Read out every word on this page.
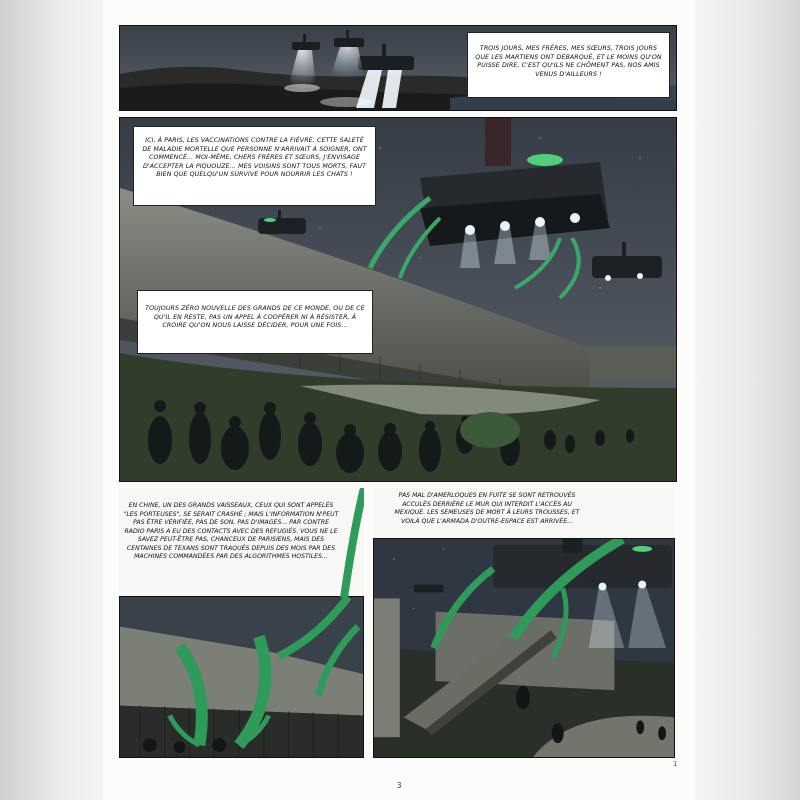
TROIS JOURS, MES FRÈRES, MES SŒURS, TROIS JOURS QUE LES MARTIENS ONT DÉBARQUÉ, ET LE MOINS QU'ON PUISSE DIRE, C'EST QU'ILS NE CHÔMENT PAS, NOS AMIS VENUS D'AILLEURS !
ICI, À PARIS, LES VACCINATIONS CONTRE LA FIÈVRE, CETTE SALETÉ DE MALADIE MORTELLE QUE PERSONNE N'ARRIVAIT À SOIGNER, ONT COMMENCÉ... MOI-MÊME, CHERS FRÈRES ET SŒURS, J'ENVISAGE D'ACCEPTER LA PIQUOUZE... MES VOISINS SONT TOUS MORTS, FAUT BIEN QUE QUELQU'UN SURVIVE POUR NOURRIR LES CHATS !
TOUJOURS ZÉRO NOUVELLE DES GRANDS DE CE MONDE, OU DE CE QU'IL EN RESTE, PAS UN APPEL À COOPÉRER NI À RÉSISTER, À CROIRE QU'ON NOUS LAISSE DÉCIDER, POUR UNE FOIS...
EN CHINE, UN DES GRANDS VAISSEAUX, CEUX QUI SONT APPELÉS "LES PORTEUSES", SE SERAIT CRASHÉ ; MAIS L'INFORMATION N'PEUT PAS ÊTRE VÉRIFIÉE, PAS DE SON, PAS D'IMAGES... PAR CONTRE RADIO PARIS A EU DES CONTACTS AVEC DES REFUGIÉS. VOUS NE LE SAVEZ PEUT-ÊTRE PAS, CHANCEUX DE PARISIENS, MAIS DES CENTAINES DE TEXANS SONT TRAQUÉS DEPUIS DES MOIS PAR DES MACHINES COMMANDÉES PAR DES ALGORITHMES HOSTILES...
PAS MAL D'AMERLOQUES EN FUITE SE SONT RETROUVÉS ACCULÉS DERRIÈRE LE MUR QUI INTERDIT L'ACCÈS AU MEXIQUE. LES SEMEUSES DE MORT À LEURS TROUSSES, ET VOILÀ QUE L'ARMADA D'OUTRE-ESPACE EST ARRIVÉE...
1
3
